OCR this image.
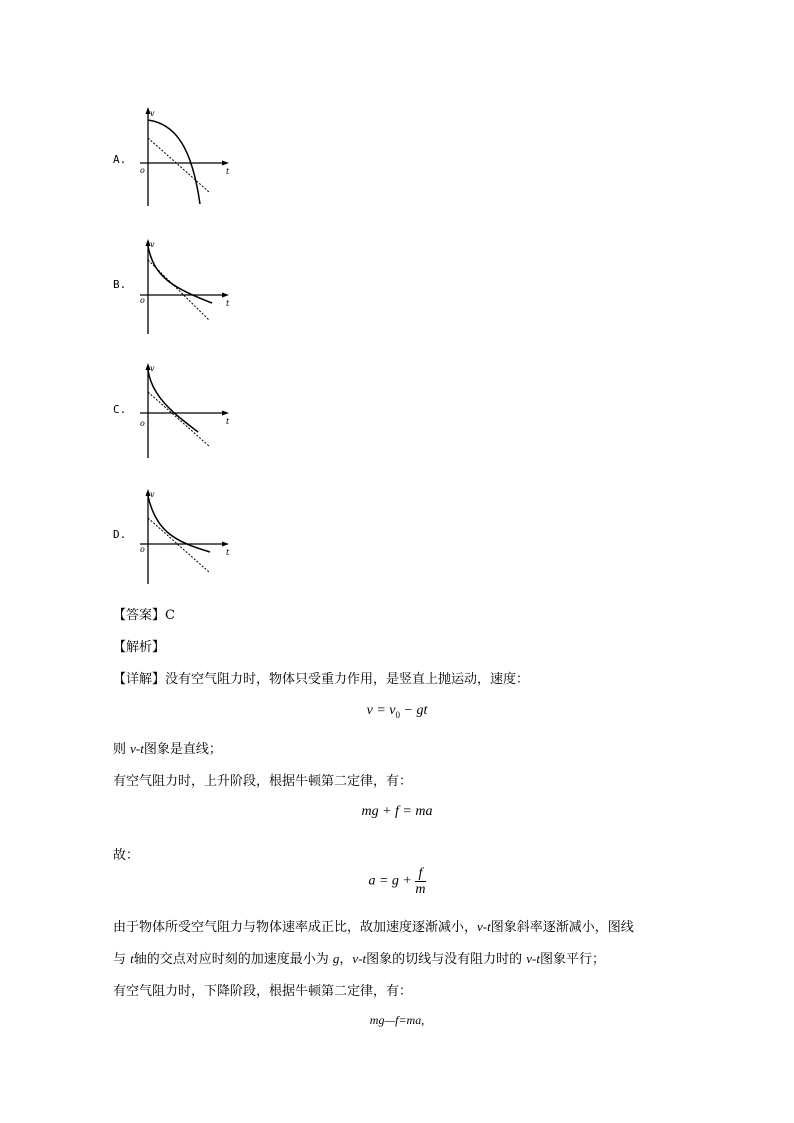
A.
v
t
o
B.
v
t
o
C.
v
t
o
D.
v
t
o
【答案】C
【解析】
【详解】没有空气阻力时，物体只受重力作用，是竖直上抛运动，速度：
$v = v_0$ − gt
则 v-t图象是直线；
有空气阻力时，上升阶段，根据牛顿第二定律，有：
mg + f = ma
故：
$a = g + \frac{f}{m}$
由于物体所受空气阻力与物体速率成正比，故加速度逐渐减小，v-t图象斜率逐渐减小，图线
与 t轴的交点对应时刻的加速度最小为 g，v-t图象的切线与没有阻力时的 v-t图象平行；
有空气阻力时，下降阶段，根据牛顿第二定律，有：
mg—f=ma,
